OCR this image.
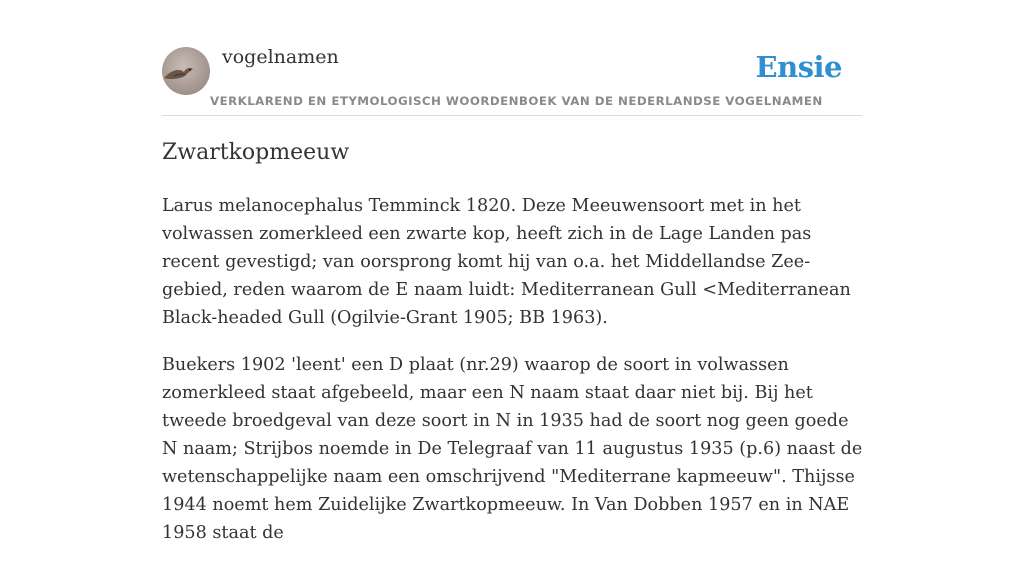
vogelnamen	Ensie
VERKLAREND EN ETYMOLOGISCH WOORDENBOEK VAN DE NEDERLANDSE VOGELNAMEN
Zwartkopmeeuw

Larus melanocephalus Temminck 1820. Deze Meeuwensoort met in het volwassen zomerkleed een zwarte kop, heeft zich in de Lage Landen pas recent gevestigd; van oorsprong komt hij van o.a. het Middellandse Zee-gebied, reden waarom de E naam luidt: Mediterranean Gull <Mediterranean Black-headed Gull (Ogilvie-Grant 1905; BB 1963).

Buekers 1902 'leent' een D plaat (nr.29) waarop de soort in volwassen zomerkleed staat afgebeeld, maar een N naam staat daar niet bij. Bij het tweede broedgeval van deze soort in N in 1935 had de soort nog geen goede N naam; Strijbos noemde in De Telegraaf van 11 augustus 1935 (p.6) naast de wetenschappelijke naam een omschrijvend "Mediterrane kapmeeuw". Thijsse 1944 noemt hem Zuidelijke Zwartkopmeeuw. In Van Dobben 1957 en in NAE 1958 staat de
